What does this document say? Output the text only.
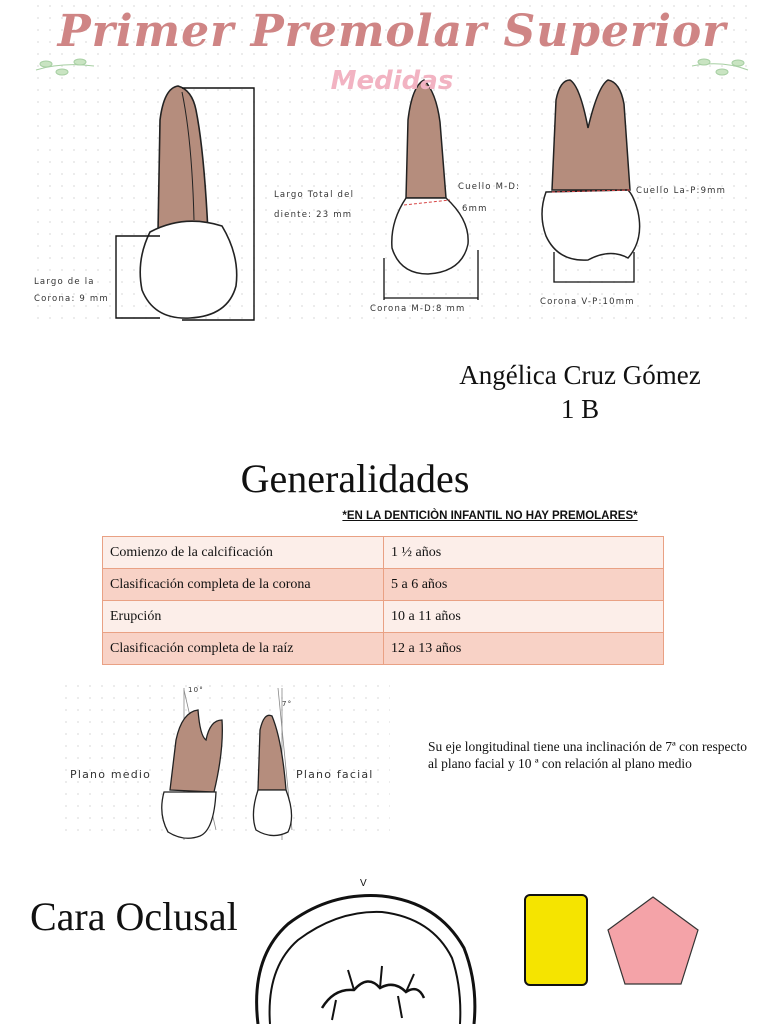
Primer Premolar Superior
Medidas
Largo Total del
diente: 23 mm
Largo de la
Corona: 9 mm
Cuello M-D:
6mm
Corona M-D:8 mm
Cuello La-P:9mm
Corona V-P:10mm
Angélica Cruz Gómez
1 B
Generalidades
*EN LA DENTICIÒN INFANTIL NO HAY PREMOLARES*
Comienzo de la calcificación	1 ½ años
Clasificación completa de la corona	5 a 6 años
Erupción	10 a 11 años
Clasificación completa de la raíz	12 a 13 años
10°
7°
Plano medio	Plano facial
Su eje longitudinal tiene una inclinación de 7ª con respecto al plano facial y 10 ª con relación al plano medio
Cara Oclusal
V
